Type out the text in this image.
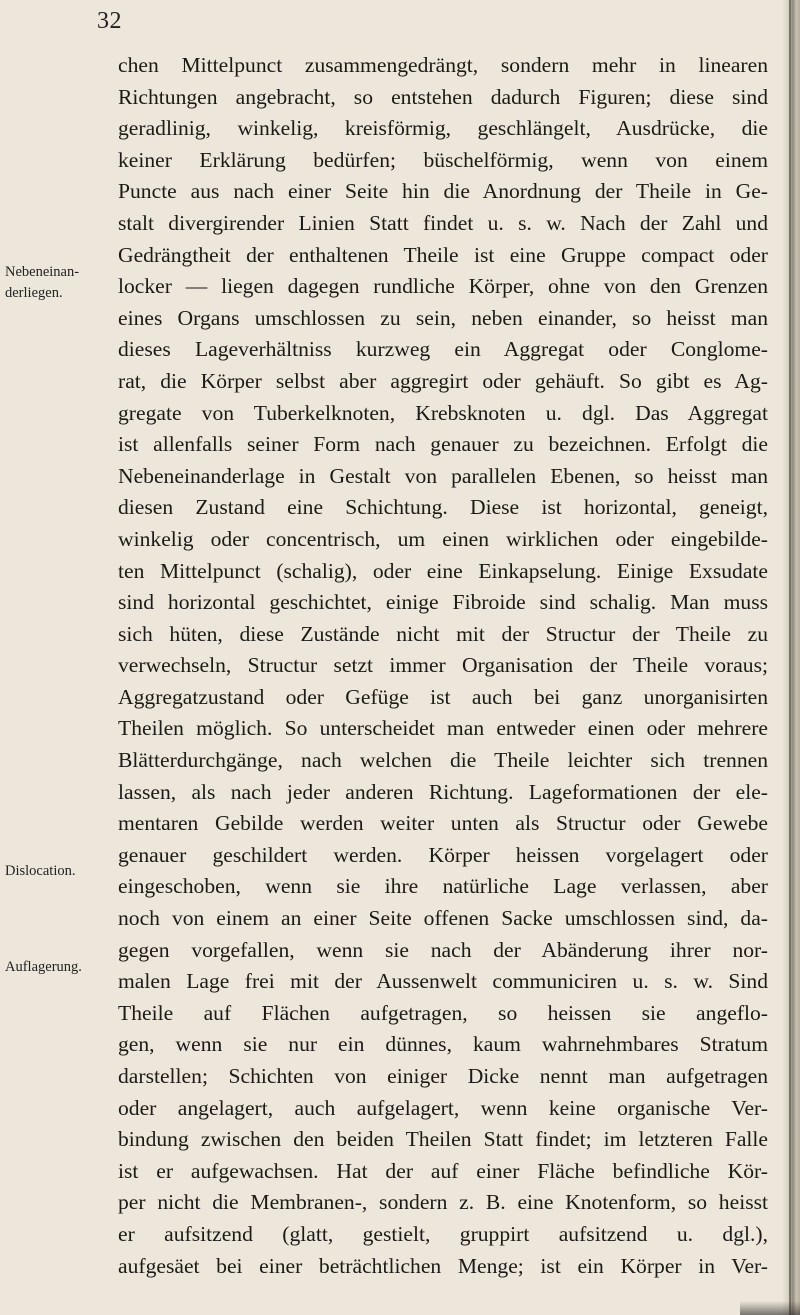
32
Nebeneinan-
derliegen.
Dislocation.
Auflagerung.
chen Mittelpunct zusammengedrängt, sondern mehr in linearen
Richtungen angebracht, so entstehen dadurch Figuren; diese sind
geradlinig, winkelig, kreisförmig, geschlängelt, Ausdrücke, die
keiner Erklärung bedürfen; büschelförmig, wenn von einem
Puncte aus nach einer Seite hin die Anordnung der Theile in Ge-
stalt divergirender Linien Statt findet u. s. w. Nach der Zahl und
Gedrängtheit der enthaltenen Theile ist eine Gruppe compact oder
locker — liegen dagegen rundliche Körper, ohne von den Grenzen
eines Organs umschlossen zu sein, neben einander, so heisst man
dieses Lageverhältniss kurzweg ein Aggregat oder Conglome-
rat, die Körper selbst aber aggregirt oder gehäuft. So gibt es Ag-
gregate von Tuberkelknoten, Krebsknoten u. dgl. Das Aggregat
ist allenfalls seiner Form nach genauer zu bezeichnen. Erfolgt die
Nebeneinanderlage in Gestalt von parallelen Ebenen, so heisst man
diesen Zustand eine Schichtung. Diese ist horizontal, geneigt,
winkelig oder concentrisch, um einen wirklichen oder eingebilde-
ten Mittelpunct (schalig), oder eine Einkapselung. Einige Exsudate
sind horizontal geschichtet, einige Fibroide sind schalig. Man muss
sich hüten, diese Zustände nicht mit der Structur der Theile zu
verwechseln, Structur setzt immer Organisation der Theile voraus;
Aggregatzustand oder Gefüge ist auch bei ganz unorganisirten
Theilen möglich. So unterscheidet man entweder einen oder mehrere
Blätterdurchgänge, nach welchen die Theile leichter sich trennen
lassen, als nach jeder anderen Richtung. Lageformationen der ele-
mentaren Gebilde werden weiter unten als Structur oder Gewebe
genauer geschildert werden. Körper heissen vorgelagert oder
eingeschoben, wenn sie ihre natürliche Lage verlassen, aber
noch von einem an einer Seite offenen Sacke umschlossen sind, da-
gegen vorgefallen, wenn sie nach der Abänderung ihrer nor-
malen Lage frei mit der Aussenwelt communiciren u. s. w. Sind
Theile auf Flächen aufgetragen, so heissen sie angeflo-
gen, wenn sie nur ein dünnes, kaum wahrnehmbares Stratum
darstellen; Schichten von einiger Dicke nennt man aufgetragen
oder angelagert, auch aufgelagert, wenn keine organische Ver-
bindung zwischen den beiden Theilen Statt findet; im letzteren Falle
ist er aufgewachsen. Hat der auf einer Fläche befindliche Kör-
per nicht die Membranen-, sondern z. B. eine Knotenform, so heisst
er aufsitzend (glatt, gestielt, gruppirt aufsitzend u. dgl.),
aufgesäet bei einer beträchtlichen Menge; ist ein Körper in Ver-
